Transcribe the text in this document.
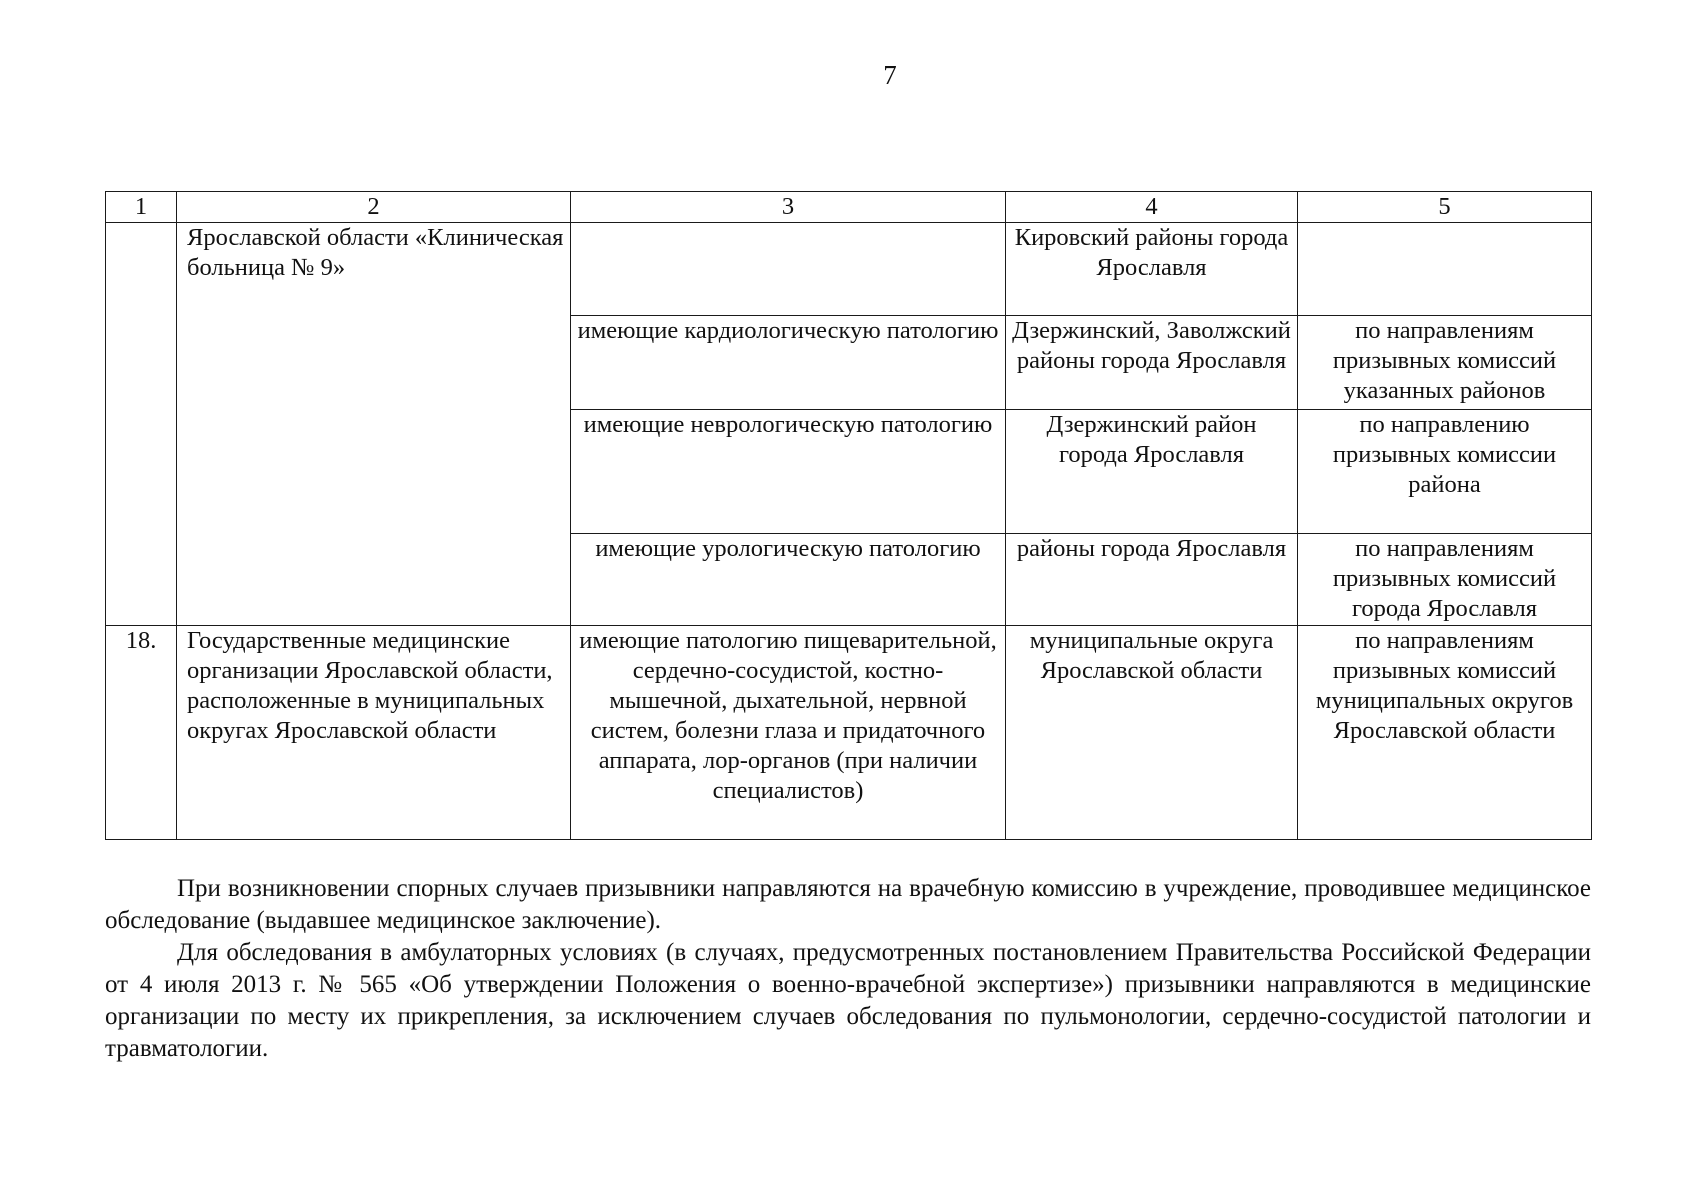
7
1	2	3	4	5
	Ярославской области «Клиническая больница № 9»		Кировский районы города Ярославля	
		имеющие кардиологическую патологию	Дзержинский, Заволжский районы города Ярославля	по направлениям призывных комиссий указанных районов
		имеющие неврологическую патологию	Дзержинский район города Ярославля	по направлению призывных комиссии района
		имеющие урологическую патологию	районы города Ярославля	по направлениям призывных комиссий города Ярославля
18.	Государственные медицинские организации Ярославской области, расположенные в муниципальных округах Ярославской области	имеющие патологию пищеварительной, сердечно-сосудистой, костно-мышечной, дыхательной, нервной систем, болезни глаза и придаточного аппарата, лор-органов (при наличии специалистов)	муниципальные округа Ярославской области	по направлениям призывных комиссий муниципальных округов Ярославской области

При возникновении спорных случаев призывники направляются на врачебную комиссию в учреждение, проводившее медицинское обследование (выдавшее медицинское заключение).

Для обследования в амбулаторных условиях (в случаях, предусмотренных постановлением Правительства Российской Федерации от 4 июля 2013 г. № 565 «Об утверждении Положения о военно-врачебной экспертизе») призывники направляются в медицинские организации по месту их прикрепления, за исключением случаев обследования по пульмонологии, сердечно-сосудистой патологии и травматологии.
